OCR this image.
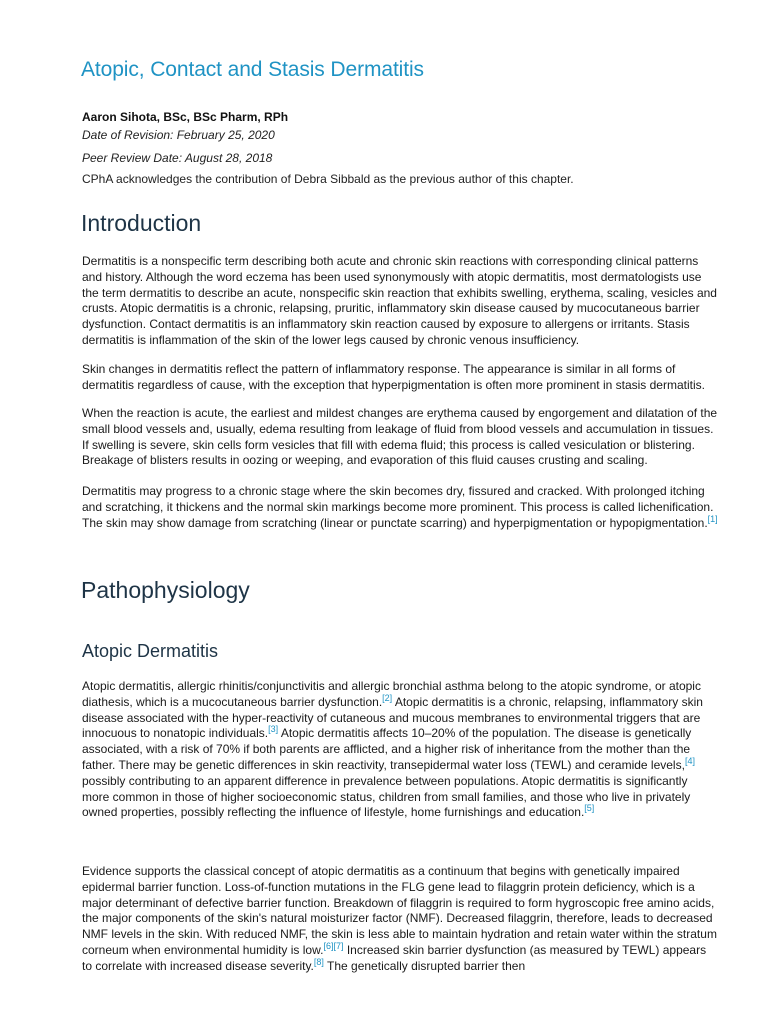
Atopic, Contact and Stasis Dermatitis

Aaron Sihota, BSc, BSc Pharm, RPh

Date of Revision: February 25, 2020

Peer Review Date: August 28, 2018

CPhA acknowledges the contribution of Debra Sibbald as the previous author of this chapter.

Introduction

Dermatitis is a nonspecific term describing both acute and chronic skin reactions with corresponding clinical patterns and history. Although the word eczema has been used synonymously with atopic dermatitis, most dermatologists use the term dermatitis to describe an acute, nonspecific skin reaction that exhibits swelling, erythema, scaling, vesicles and crusts. Atopic dermatitis is a chronic, relapsing, pruritic, inflammatory skin disease caused by mucocutaneous barrier dysfunction. Contact dermatitis is an inflammatory skin reaction caused by exposure to allergens or irritants. Stasis dermatitis is inflammation of the skin of the lower legs caused by chronic venous insufficiency.

Skin changes in dermatitis reflect the pattern of inflammatory response. The appearance is similar in all forms of dermatitis regardless of cause, with the exception that hyperpigmentation is often more prominent in stasis dermatitis.

When the reaction is acute, the earliest and mildest changes are erythema caused by engorgement and dilatation of the small blood vessels and, usually, edema resulting from leakage of fluid from blood vessels and accumulation in tissues. If swelling is severe, skin cells form vesicles that fill with edema fluid; this process is called vesiculation or blistering. Breakage of blisters results in oozing or weeping, and evaporation of this fluid causes crusting and scaling.

Dermatitis may progress to a chronic stage where the skin becomes dry, fissured and cracked. With prolonged itching and scratching, it thickens and the normal skin markings become more prominent. This process is called lichenification. The skin may show damage from scratching (linear or punctate scarring) and hyperpigmentation or hypopigmentation.[1]

Pathophysiology
Atopic Dermatitis

Atopic dermatitis, allergic rhinitis/conjunctivitis and allergic bronchial asthma belong to the atopic syndrome, or atopic diathesis, which is a mucocutaneous barrier dysfunction.[2] Atopic dermatitis is a chronic, relapsing, inflammatory skin disease associated with the hyper-reactivity of cutaneous and mucous membranes to environmental triggers that are innocuous to nonatopic individuals.[3] Atopic dermatitis affects 10–20% of the population. The disease is genetically associated, with a risk of 70% if both parents are afflicted, and a higher risk of inheritance from the mother than the father. There may be genetic differences in skin reactivity, transepidermal water loss (TEWL) and ceramide levels,[4] possibly contributing to an apparent difference in prevalence between populations. Atopic dermatitis is significantly more common in those of higher socioeconomic status, children from small families, and those who live in privately owned properties, possibly reflecting the influence of lifestyle, home furnishings and education.[5]

Evidence supports the classical concept of atopic dermatitis as a continuum that begins with genetically impaired epidermal barrier function. Loss-of-function mutations in the FLG gene lead to filaggrin protein deficiency, which is a major determinant of defective barrier function. Breakdown of filaggrin is required to form hygroscopic free amino acids, the major components of the skin's natural moisturizer factor (NMF). Decreased filaggrin, therefore, leads to decreased NMF levels in the skin. With reduced NMF, the skin is less able to maintain hydration and retain water within the stratum corneum when environmental humidity is low.[6][7] Increased skin barrier dysfunction (as measured by TEWL) appears to correlate with increased disease severity.[8] The genetically disrupted barrier then
